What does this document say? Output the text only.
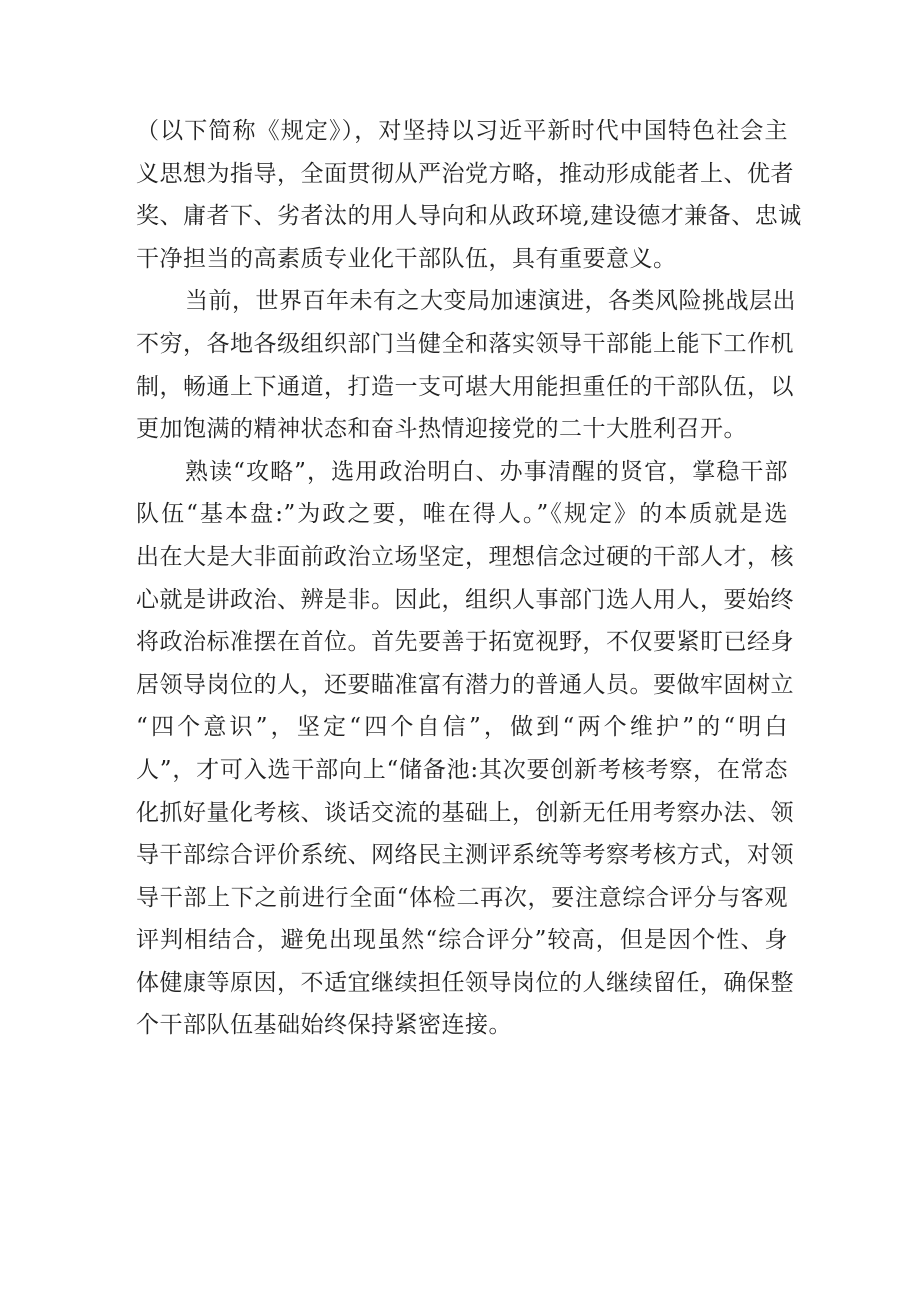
（以下简称《规定》），对坚持以习近平新时代中国特色社会主
义思想为指导，全面贯彻从严治党方略，推动形成能者上、优者
奖、庸者下、劣者汰的用人导向和从政环境,建设德才兼备、忠诚
干净担当的高素质专业化干部队伍，具有重要意义。
当前，世界百年未有之大变局加速演进，各类风险挑战层出
不穷，各地各级组织部门当健全和落实领导干部能上能下工作机
制，畅通上下通道，打造一支可堪大用能担重任的干部队伍，以
更加饱满的精神状态和奋斗热情迎接党的二十大胜利召开。
熟读“攻略”，选用政治明白、办事清醒的贤官，掌稳干部
队伍“基本盘:”为政之要，唯在得人。”《规定》的本质就是选
出在大是大非面前政治立场坚定，理想信念过硬的干部人才，核
心就是讲政治、辨是非。因此，组织人事部门选人用人，要始终
将政治标准摆在首位。首先要善于拓宽视野，不仅要紧盯已经身
居领导岗位的人，还要瞄准富有潜力的普通人员。要做牢固树立
“四个意识”，坚定“四个自信”，做到“两个维护”的“明白
人”，才可入选干部向上“储备池:其次要创新考核考察，在常态
化抓好量化考核、谈话交流的基础上，创新无任用考察办法、领
导干部综合评价系统、网络民主测评系统等考察考核方式，对领
导干部上下之前进行全面“体检二再次，要注意综合评分与客观
评判相结合，避免出现虽然“综合评分”较高，但是因个性、身
体健康等原因，不适宜继续担任领导岗位的人继续留任，确保整
个干部队伍基础始终保持紧密连接。
